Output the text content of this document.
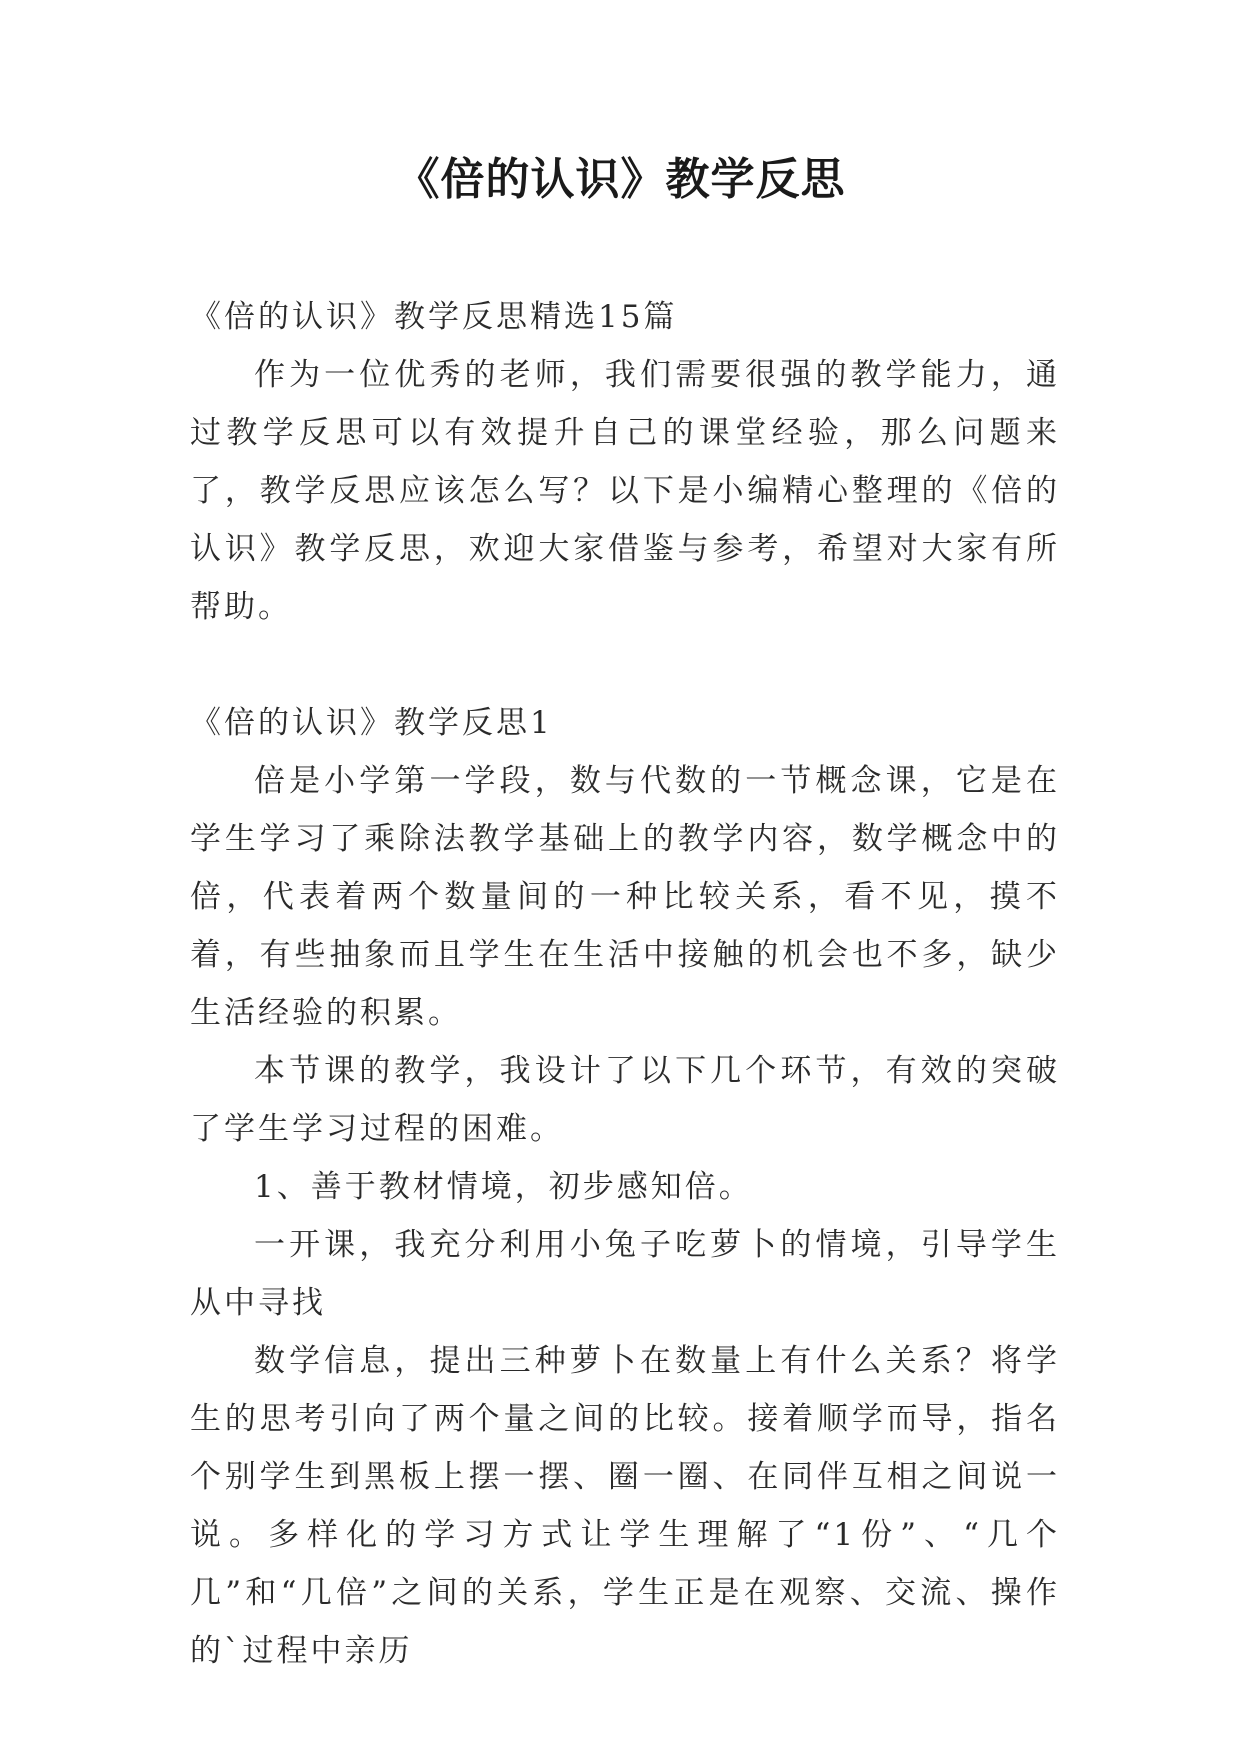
《倍的认识》教学反思

《倍的认识》教学反思精选15篇

作为一位优秀的老师，我们需要很强的教学能力，通过教学反思可以有效提升自己的课堂经验，那么问题来了，教学反思应该怎么写？以下是小编精心整理的《倍的认识》教学反思，欢迎大家借鉴与参考，希望对大家有所帮助。

《倍的认识》教学反思1

倍是小学第一学段，数与代数的一节概念课，它是在学生学习了乘除法教学基础上的教学内容，数学概念中的倍，代表着两个数量间的一种比较关系，看不见，摸不着，有些抽象而且学生在生活中接触的机会也不多，缺少生活经验的积累。

本节课的教学，我设计了以下几个环节，有效的突破了学生学习过程的困难。

1、善于教材情境，初步感知倍。

一开课，我充分利用小兔子吃萝卜的情境，引导学生从中寻找

数学信息，提出三种萝卜在数量上有什么关系？将学生的思考引向了两个量之间的比较。接着顺学而导，指名个别学生到黑板上摆一摆、圈一圈、在同伴互相之间说一说。多样化的学习方式让学生理解了“1份”、“几个几”和“几倍”之间的关系，学生正是在观察、交流、操作的`过程中亲历
